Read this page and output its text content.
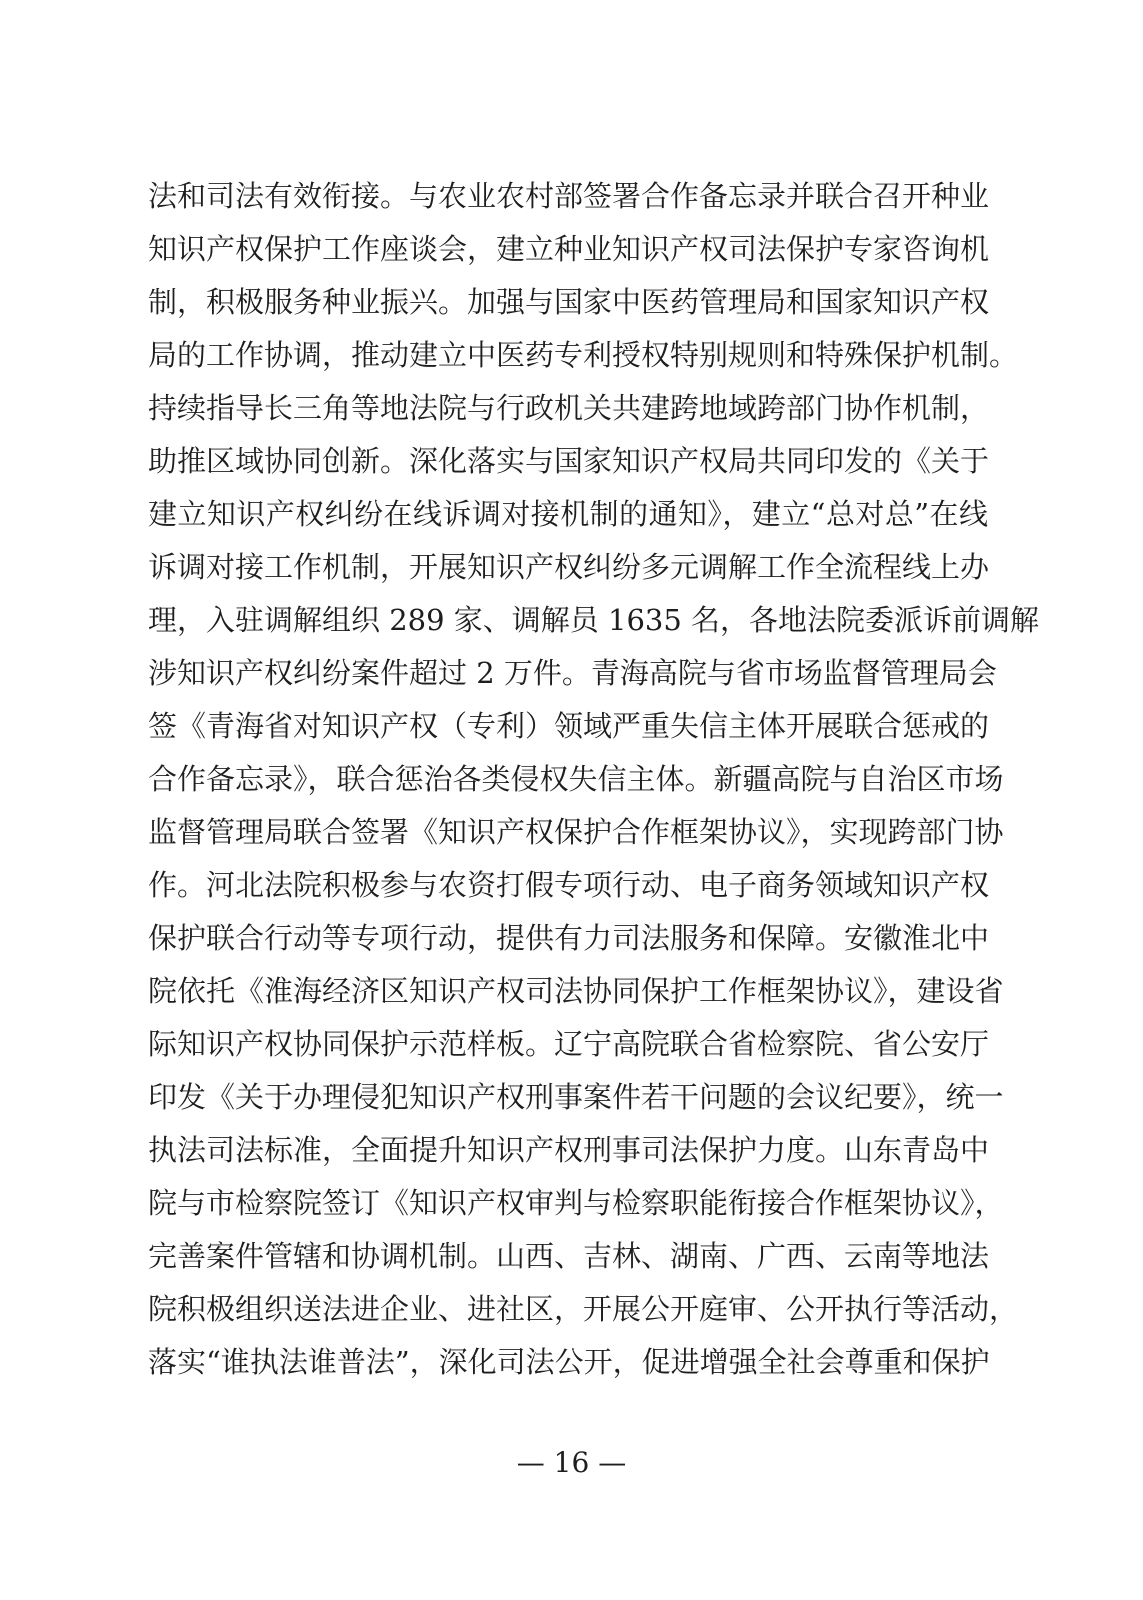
法和司法有效衔接。与农业农村部签署合作备忘录并联合召开种业
知识产权保护工作座谈会，建立种业知识产权司法保护专家咨询机
制，积极服务种业振兴。加强与国家中医药管理局和国家知识产权
局的工作协调，推动建立中医药专利授权特别规则和特殊保护机制。
持续指导长三角等地法院与行政机关共建跨地域跨部门协作机制，
助推区域协同创新。深化落实与国家知识产权局共同印发的《关于
建立知识产权纠纷在线诉调对接机制的通知》，建立“总对总”在线
诉调对接工作机制，开展知识产权纠纷多元调解工作全流程线上办
理，入驻调解组织 289 家、调解员 1635 名，各地法院委派诉前调解
涉知识产权纠纷案件超过 2 万件。青海高院与省市场监督管理局会
签《青海省对知识产权（专利）领域严重失信主体开展联合惩戒的
合作备忘录》，联合惩治各类侵权失信主体。新疆高院与自治区市场
监督管理局联合签署《知识产权保护合作框架协议》，实现跨部门协
作。河北法院积极参与农资打假专项行动、电子商务领域知识产权
保护联合行动等专项行动，提供有力司法服务和保障。安徽淮北中
院依托《淮海经济区知识产权司法协同保护工作框架协议》，建设省
际知识产权协同保护示范样板。辽宁高院联合省检察院、省公安厅
印发《关于办理侵犯知识产权刑事案件若干问题的会议纪要》，统一
执法司法标准，全面提升知识产权刑事司法保护力度。山东青岛中
院与市检察院签订《知识产权审判与检察职能衔接合作框架协议》，
完善案件管辖和协调机制。山西、吉林、湖南、广西、云南等地法
院积极组织送法进企业、进社区，开展公开庭审、公开执行等活动，
落实“谁执法谁普法”，深化司法公开，促进增强全社会尊重和保护
— 16 —
